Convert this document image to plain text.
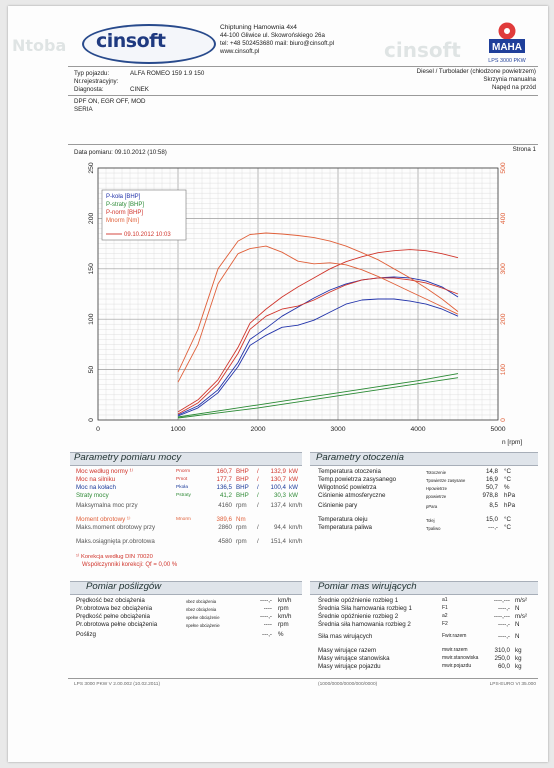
Ntoba	cinsoft
cinsoft
Chiptuning Hamownia 4x4
44-100 Gliwice ul. Skowrońskiego 26a
tel: +48 502453680 mail: biuro@cinsoft.pl
www.cinsoft.pl	MAHA
LPS 3000 PKW
Typ pojazdu:	ALFA ROMEO 159 1.9 150
Nr.rejestracyjny:
Diagnosta:	CINEK
Diesel / Turbolader (chłodzone powietrzem)
Skrzynia manualna
Napęd na przód
DPF ON, EGR OFF, MOD
SERIA
Data pomiaru: 09.10.2012 (10:58)	Strona 1
0	1000	2000	3000	4000	5000
0
50
100
150
200
250
0
100
200
300
400
500
n [rpm]
P-koła [BHP]
P-straty [BHP]
P-norm [BHP]
Mnorm [Nm]
09.10.2012 10:03
Parametry pomiaru mocy
Moc według normy ¹⁾	Pnorm	160,7 BHP /	132,9 kW
Moc na silniku	Pmot	177,7 BHP /	130,7 kW
Moc na kołach	Pkoła	136,5 BHP /	100,4 kW
Straty mocy	Pstraty	41,2 BHP /	30,3 kW
Maksymalna moc przy	4160 rpm /	137,4 km/h
Moment obrotowy ¹⁾	Mnorm	389,6 Nm
Maks.moment obrotowy przy	2860 rpm /	94,4 km/h
Maks.osiągnięta pr.obrotowa	4580 rpm /	151,4 km/h
¹⁾ Korekcja według DIN 70020
Współczynniki korekcji: Qf = 0,00 %
Parametry otoczenia
Temperatura otoczenia	Totoczenie	14,8 °C
Temp.powietrza zasysanego	Tpowietrze zasysane	16,9 °C
Wilgotność powietrza	Hpowietrze	50,7 %
Ciśnienie atmosferyczne	ppowietrze	978,8 hPa
Ciśnienie pary	pPara	8,5 hPa
Temperatura oleju	Tolej	15,0 °C
Temperatura paliwa	Tpaliwo	---,- °C
Pomiar poślizgów
Prędkość bez obciążenia	vbez obciążenia	----,- km/h
Pr.obrotowa bez obciążenia	nbez obciążenia	---- rpm
Prędkość pełne obciążenia	vpełne obciążenie	----,- km/h
Pr.obrotowa pełne obciążenia	npełne obciążenie	---- rpm
Poślizg	---,- %
Pomiar mas wirujących
Średnie opóźnienie rozbieg 1	a1	----,--- m/s²
Średnia Siła hamowania rozbieg 1	F1	----,- N
Średnie opóźnienie rozbieg 2	a2	----,--- m/s²
Średnia siła hamowania rozbieg 2	F2	----,- N
Siła mas wirujących	Fwir.razem	----,- N
Masy wirujące razem	mwir.razem	310,0 kg
Masy wirujące stanowiska	mwir.stanowiska	250,0 kg
Masy wirujące pojazdu	mwir.pojazdu	60,0 kg
LPS 3000 PKW V 2.00.002 (10.02.2011)	(1000/0000/0000/000/0000)	LPS-EURO VI 35.000
